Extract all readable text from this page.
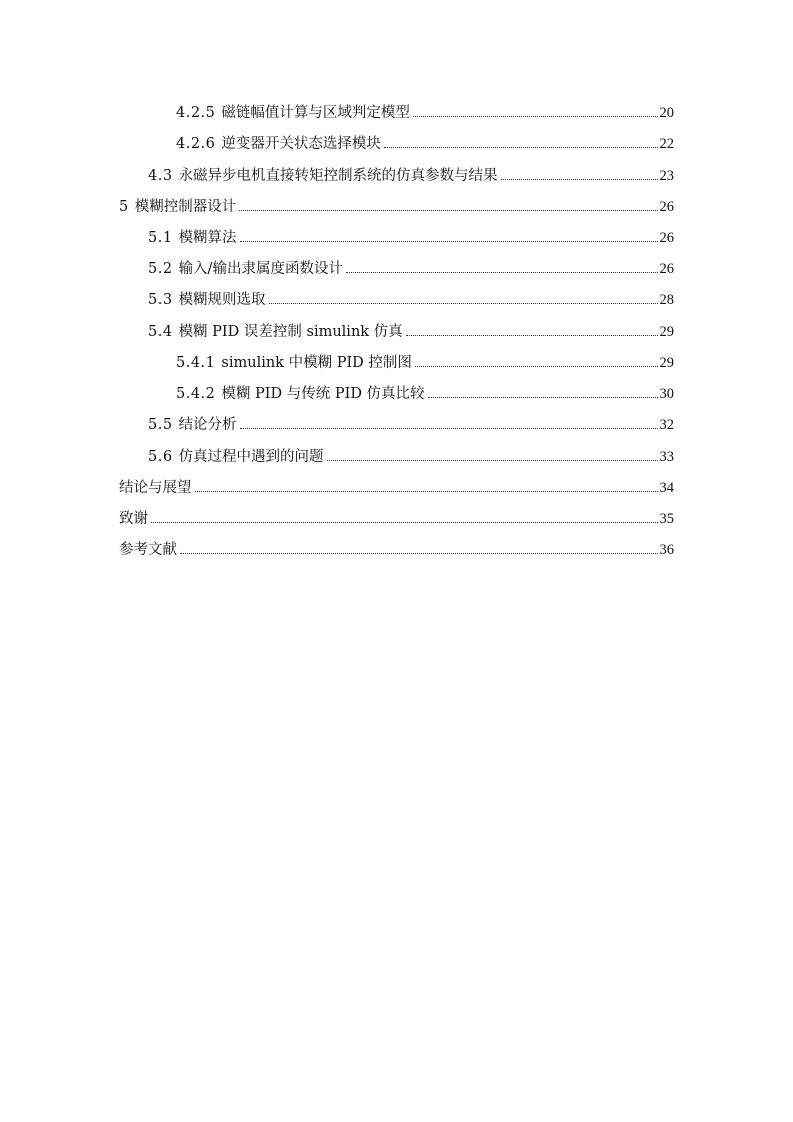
4.2.5 磁链幅值计算与区域判定模型	20
4.2.6 逆变器开关状态选择模块	22
4.3 永磁异步电机直接转矩控制系统的仿真参数与结果	23
5 模糊控制器设计	26
5.1 模糊算法	26
5.2 输入/输出隶属度函数设计	26
5.3 模糊规则选取	28
5.4 模糊 PID 误差控制 simulink 仿真	29
5.4.1 simulink 中模糊 PID 控制图	29
5.4.2 模糊 PID 与传统 PID 仿真比较	30
5.5 结论分析	32
5.6 仿真过程中遇到的问题	33
结论与展望	34
致谢	35
参考文献	36
